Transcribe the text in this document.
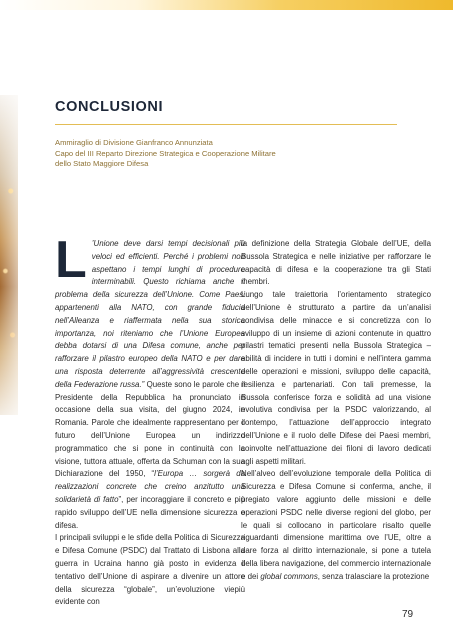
CONCLUSIONI
Ammiraglio di Divisione Gianfranco Annunziata
Capo del III Reparto Direzione Strategica e Cooperazione Militare
dello Stato Maggiore Difesa

L ’Unione deve darsi tempi decisionali più veloci ed efficienti. Perché i problemi non aspettano i tempi lunghi di procedure interminabili. Questo richiama anche il problema della sicurezza dell’Unione. Come Paesi appartenenti alla NATO, con grande fiducia nell’Alleanza e riaffermata nella sua storica importanza, noi riteniamo che l’Unione Europea debba dotarsi di una Difesa comune, anche per rafforzare il pilastro europeo della NATO e per dare una risposta deterrente all’aggressività crescente della Federazione russa.” Queste sono le parole che il Presidente della Repubblica ha pronunciato in occasione della sua visita, del giugno 2024, in Romania. Parole che idealmente rappresentano per il futuro dell’Unione Europea un indirizzo programmatico che si pone in continuità con la visione, tuttora attuale, offerta da Schuman con la sua Dichiarazione del 1950, “l’Europa … sorgerà da realizzazioni concrete che creino anzitutto una solidarietà di fatto”, per incoraggiare il concreto e più rapido sviluppo dell’UE nella dimensione sicurezza e difesa.

I principali sviluppi e le sfide della Politica di Sicurezza e Difesa Comune (PSDC) dal Trattato di Lisbona alla guerra in Ucraina hanno già posto in evidenza il tentativo dell’Unione di aspirare a divenire un attore della sicurezza “globale”, un’evoluzione viepiù evidente con

la definizione della Strategia Globale dell’UE, della Bussola Strategica e nelle iniziative per rafforzare le capacità di difesa e la cooperazione tra gli Stati membri.

Lungo tale traiettoria l’orientamento strategico dell’Unione è strutturato a partire da un’analisi condivisa delle minacce e si concretizza con lo sviluppo di un insieme di azioni contenute in quattro pilastri tematici presenti nella Bussola Strategica – abilità di incidere in tutti i domini e nell’intera gamma delle operazioni e missioni, sviluppo delle capacità, resilienza e partenariati. Con tali premesse, la Bussola conferisce forza e solidità ad una visione evolutiva condivisa per la PSDC valorizzando, al contempo, l’attuazione dell’approccio integrato dell’Unione e il ruolo delle Difese dei Paesi membri, coinvolte nell’attuazione dei filoni di lavoro dedicati agli aspetti militari.

Nell’alveo dell’evoluzione temporale della Politica di Sicurezza e Difesa Comune si conferma, anche, il pregiato valore aggiunto delle missioni e delle operazioni PSDC nelle diverse regioni del globo, per le quali si collocano in particolare risalto quelle riguardanti dimensione marittima ove l’UE, oltre a dare forza al diritto internazionale, si pone a tutela della libera navigazione, del commercio internazionale e dei global commons, senza tralasciare la protezione

79
